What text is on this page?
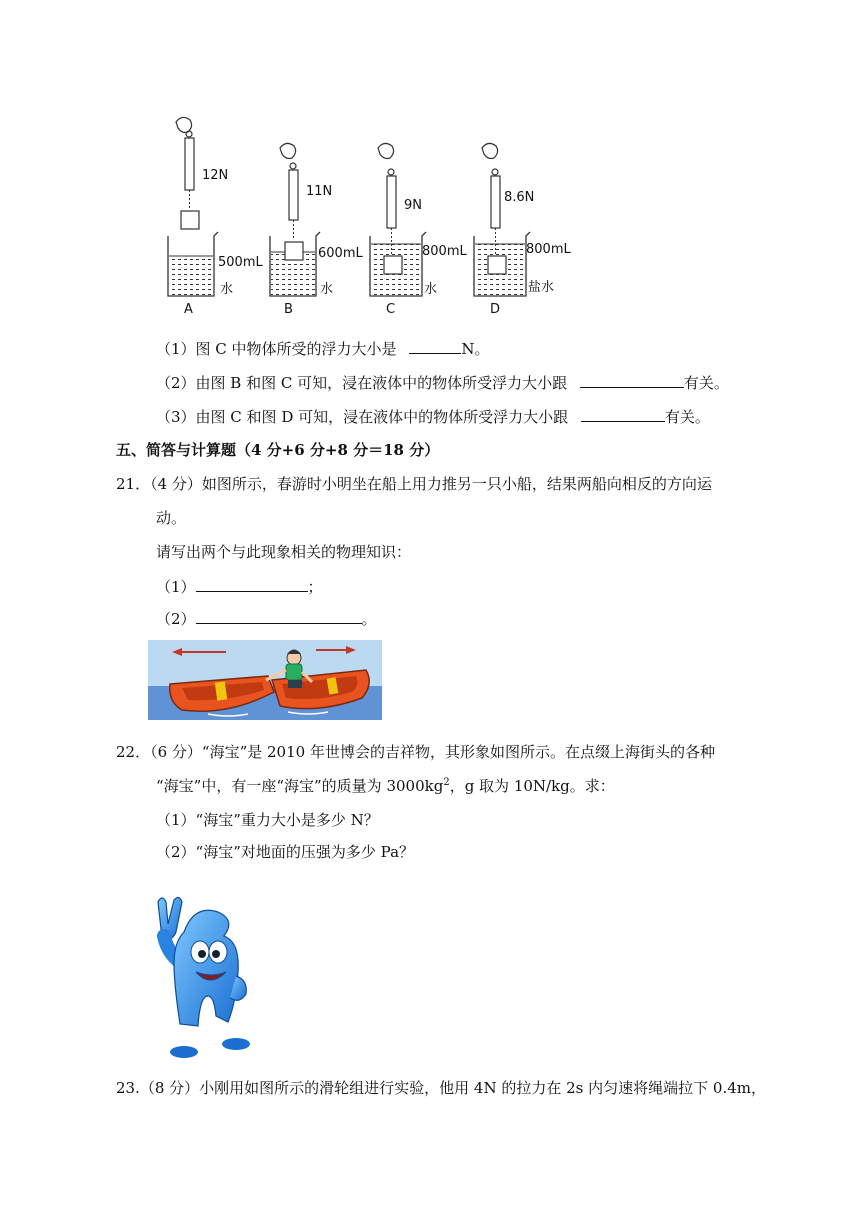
12N
500mL
水
A
11N
600mL
水
B
9N
800mL
水
C
8.6N
800mL
盐水
D
（1）图 C 中物体所受的浮力大小是	N。
（2）由图 B 和图 C 可知，浸在液体中的物体所受浮力大小跟	有关。
（3）由图 C 和图 D 可知，浸在液体中的物体所受浮力大小跟	有关。
五、简答与计算题（4 分+6 分+8 分＝18 分）
21．（4 分）如图所示，春游时小明坐在船上用力推另一只小船，结果两船向相反的方向运
动。
请写出两个与此现象相关的物理知识：
（1）	；
（2）	。
22．（6 分）“海宝”是 2010 年世博会的吉祥物，其形象如图所示。在点缀上海街头的各种
“海宝”中，有一座“海宝”的质量为 $3000kg^2$，g 取为 10N/kg。求：
（1）“海宝”重力大小是多少 N？
（2）“海宝”对地面的压强为多少 Pa？
23.（8 分）小刚用如图所示的滑轮组进行实验，他用 4N 的拉力在 2s 内匀速将绳端拉下 0.4m，
